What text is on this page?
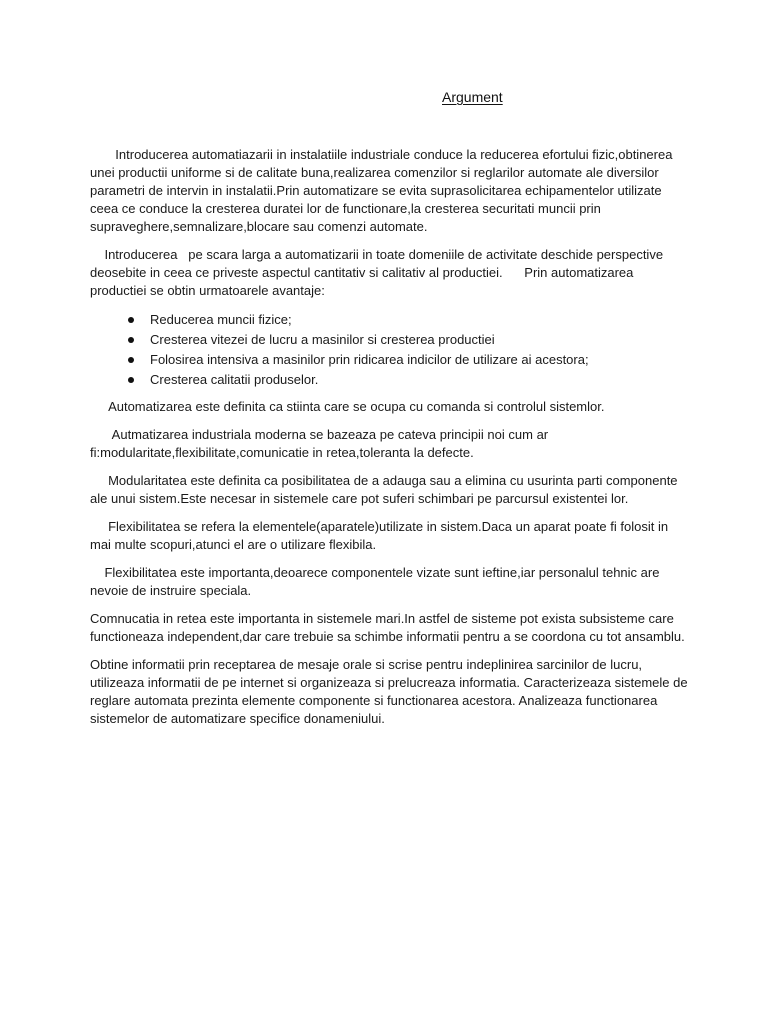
Argument

Introducerea automatiazarii in instalatiile industriale conduce la reducerea efortului fizic,obtinerea unei productii uniforme si de calitate buna,realizarea comenzilor si reglarilor automate ale diversilor parametri de intervin in instalatii.Prin automatizare se evita suprasolicitarea echipamentelor utilizate ceea ce conduce la cresterea duratei lor de functionare,la cresterea securitati muncii prin supraveghere,semnalizare,blocare sau comenzi automate.

Introducerea   pe scara larga a automatizarii in toate domeniile de activitate deschide perspective deosebite in ceea ce priveste aspectul cantitativ si calitativ al productiei.      Prin automatizarea productiei se obtin urmatoarele avantaje:

Reducerea muncii fizice;
Cresterea vitezei de lucru a masinilor si cresterea productiei
Folosirea intensiva a masinilor prin ridicarea indicilor de utilizare ai acestora;
Cresterea calitatii produselor.

Automatizarea este definita ca stiinta care se ocupa cu comanda si controlul sistemlor.

Autmatizarea industriala moderna se bazeaza pe cateva principii noi cum ar fi:modularitate,flexibilitate,comunicatie in retea,toleranta la defecte.

Modularitatea este definita ca posibilitatea de a adauga sau a elimina cu usurinta parti componente ale unui sistem.Este necesar in sistemele care pot suferi schimbari pe parcursul existentei lor.

Flexibilitatea se refera la elementele(aparatele)utilizate in sistem.Daca un aparat poate fi folosit in mai multe scopuri,atunci el are o utilizare flexibila.

Flexibilitatea este importanta,deoarece componentele vizate sunt ieftine,iar personalul tehnic are nevoie de instruire speciala.

Comnucatia in retea este importanta in sistemele mari.In astfel de sisteme pot exista subsisteme care functioneaza independent,dar care trebuie sa schimbe informatii pentru a se coordona cu tot ansamblu.

Obtine informatii prin receptarea de mesaje orale si scrise pentru indeplinirea sarcinilor de lucru, utilizeaza informatii de pe internet si organizeaza si prelucreaza informatia. Caracterizeaza sistemele de reglare automata prezinta elemente componente si functionarea acestora. Analizeaza functionarea sistemelor de automatizare specifice donameniului.
